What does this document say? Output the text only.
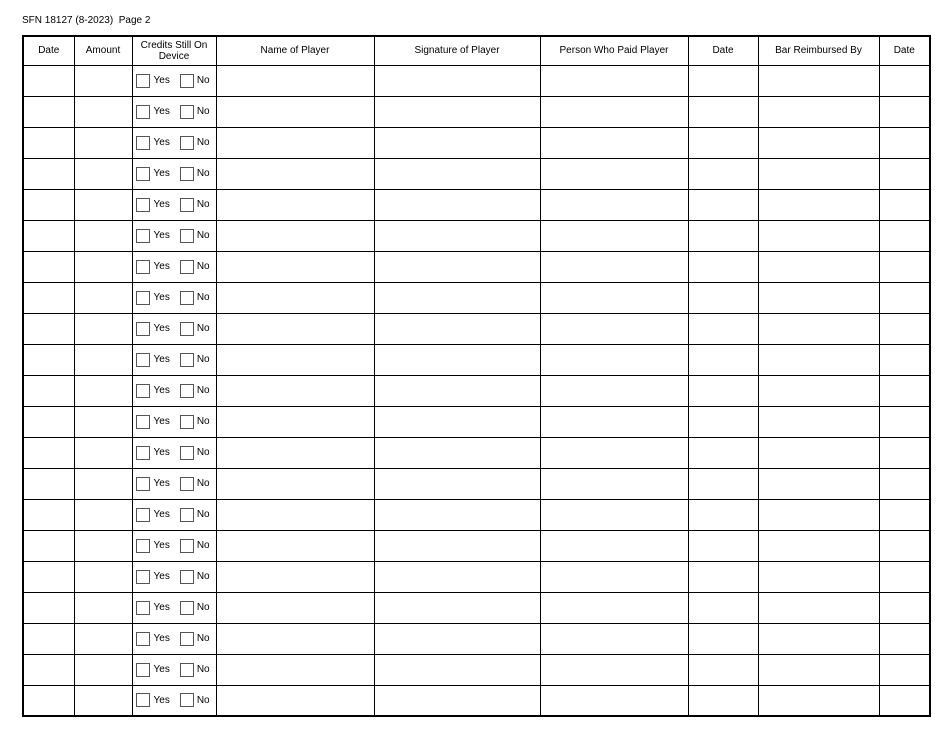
SFN 18127 (8-2023)  Page 2
Date	Amount	Credits Still On Device	Name of Player	Signature of Player	Person Who Paid Player	Date	Bar Reimbursed By	Date

		Yes No						

		Yes No						

		Yes No						

		Yes No						

		Yes No						

		Yes No						

		Yes No						

		Yes No						

		Yes No						

		Yes No						

		Yes No						

		Yes No						

		Yes No						

		Yes No						

		Yes No						

		Yes No						

		Yes No						

		Yes No						

		Yes No						

		Yes No						

		Yes No						
